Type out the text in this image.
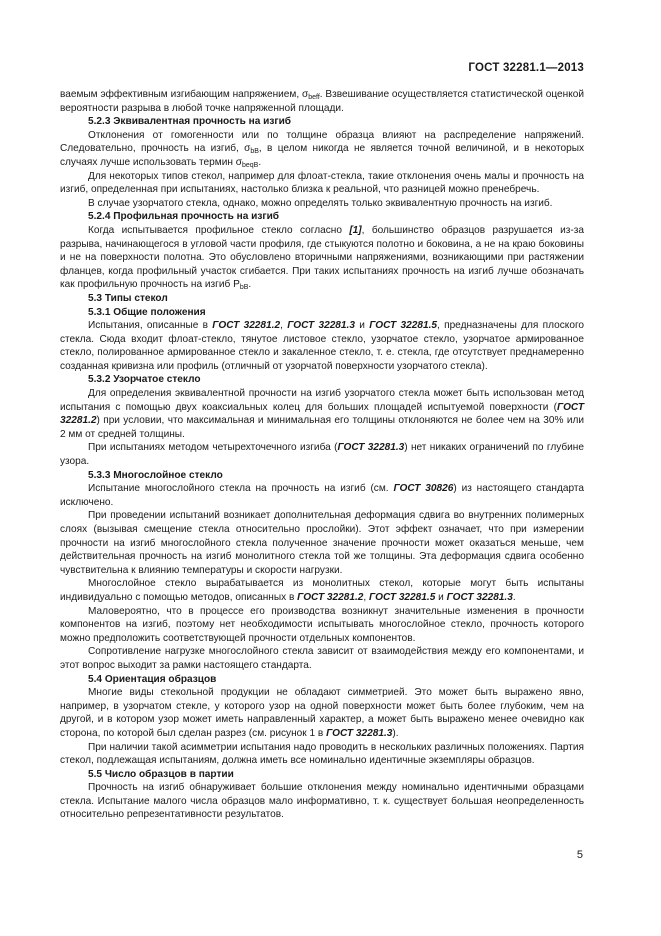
ГОСТ 32281.1—2013

ваемым эффективным изгибающим напряжением, $\sigma_{beff}$. Взвешивание осуществляется статистической оценкой вероятности разрыва в любой точке напряженной площади.

5.2.3 Эквивалентная прочность на изгиб

Отклонения от гомогенности или по толщине образца влияют на распределение напряжений. Следовательно, прочность на изгиб, $\sigma_{bB}$, в целом никогда не является точной величиной, и в некоторых случаях лучше использовать термин $\sigma_{beqB}$.

Для некоторых типов стекол, например для флоат-стекла, такие отклонения очень малы и прочность на изгиб, определенная при испытаниях, настолько близка к реальной, что разницей можно пренебречь.

В случае узорчатого стекла, однако, можно определять только эквивалентную прочность на изгиб.

5.2.4 Профильная прочность на изгиб

Когда испытывается профильное стекло согласно [1], большинство образцов разрушается из-за разрыва, начинающегося в угловой части профиля, где стыкуются полотно и боковина, а не на краю боковины и не на поверхности полотна. Это обусловлено вторичными напряжениями, возникающими при растяжении фланцев, когда профильный участок сгибается. При таких испытаниях прочность на изгиб лучше обозначать как профильную прочность на изгиб $P_{bB}$.

5.3 Типы стекол
5.3.1 Общие положения

Испытания, описанные в ГОСТ 32281.2, ГОСТ 32281.3 и ГОСТ 32281.5, предназначены для плоского стекла. Сюда входит флоат-стекло, тянутое листовое стекло, узорчатое стекло, узорчатое армированное стекло, полированное армированное стекло и закаленное стекло, т. е. стекла, где отсутствует преднамеренно созданная кривизна или профиль (отличный от узорчатой поверхности узорчатого стекла).

5.3.2 Узорчатое стекло

Для определения эквивалентной прочности на изгиб узорчатого стекла может быть использован метод испытания с помощью двух коаксиальных колец для больших площадей испытуемой поверхности (ГОСТ 32281.2) при условии, что максимальная и минимальная его толщины отклоняются не более чем на 30% или 2 мм от средней толщины.

При испытаниях методом четырехточечного изгиба (ГОСТ 32281.3) нет никаких ограничений по глубине узора.

5.3.3 Многослойное стекло

Испытание многослойного стекла на прочность на изгиб (см. ГОСТ 30826) из настоящего стандарта исключено.

При проведении испытаний возникает дополнительная деформация сдвига во внутренних полимерных слоях (вызывая смещение стекла относительно прослойки). Этот эффект означает, что при измерении прочности на изгиб многослойного стекла полученное значение прочности может оказаться меньше, чем действительная прочность на изгиб монолитного стекла той же толщины. Эта деформация сдвига особенно чувствительна к влиянию температуры и скорости нагрузки.

Многослойное стекло вырабатывается из монолитных стекол, которые могут быть испытаны индивидуально с помощью методов, описанных в ГОСТ 32281.2, ГОСТ 32281.5 и ГОСТ 32281.3.

Маловероятно, что в процессе его производства возникнут значительные изменения в прочности компонентов на изгиб, поэтому нет необходимости испытывать многослойное стекло, прочность которого можно предположить соответствующей прочности отдельных компонентов.

Сопротивление нагрузке многослойного стекла зависит от взаимодействия между его компонентами, и этот вопрос выходит за рамки настоящего стандарта.

5.4 Ориентация образцов

Многие виды стекольной продукции не обладают симметрией. Это может быть выражено явно, например, в узорчатом стекле, у которого узор на одной поверхности может быть более глубоким, чем на другой, и в котором узор может иметь направленный характер, а может быть выражено менее очевидно как сторона, по которой был сделан разрез (см. рисунок 1 в ГОСТ 32281.3).

При наличии такой асимметрии испытания надо проводить в нескольких различных положениях. Партия стекол, подлежащая испытаниям, должна иметь все номинально идентичные экземпляры образцов.

5.5 Число образцов в партии

Прочность на изгиб обнаруживает большие отклонения между номинально идентичными образцами стекла. Испытание малого числа образцов мало информативно, т. к. существует большая неопределенность относительно репрезентативности результатов.

5
